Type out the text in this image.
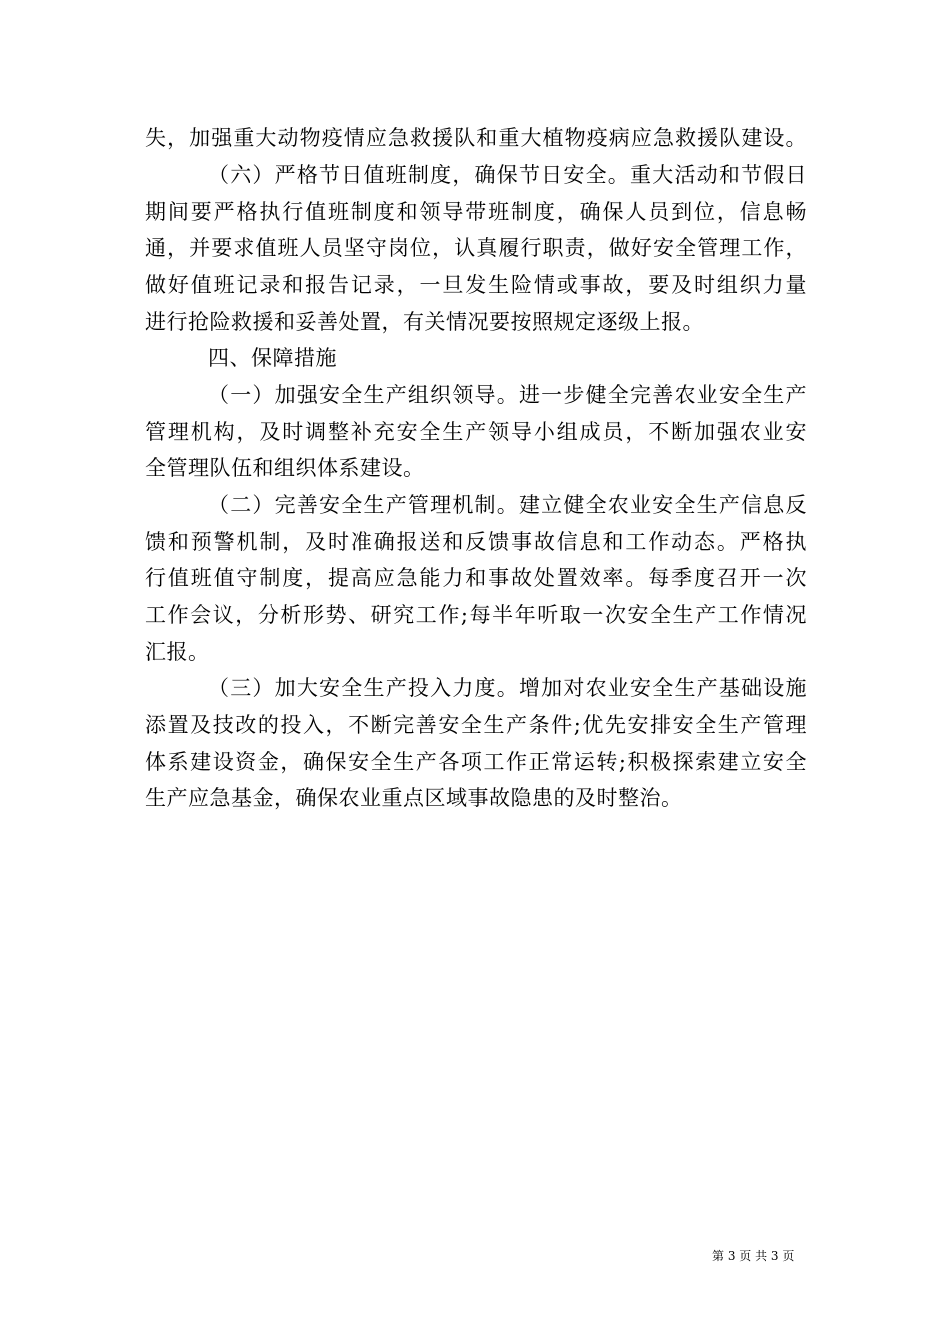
失，加强重大动物疫情应急救援队和重大植物疫病应急救援队建设。
（六）严格节日值班制度，确保节日安全。重大活动和节假日
期间要严格执行值班制度和领导带班制度，确保人员到位，信息畅
通，并要求值班人员坚守岗位，认真履行职责，做好安全管理工作，
做好值班记录和报告记录，一旦发生险情或事故，要及时组织力量
进行抢险救援和妥善处置，有关情况要按照规定逐级上报。
四、保障措施
（一）加强安全生产组织领导。进一步健全完善农业安全生产
管理机构，及时调整补充安全生产领导小组成员，不断加强农业安
全管理队伍和组织体系建设。
（二）完善安全生产管理机制。建立健全农业安全生产信息反
馈和预警机制，及时准确报送和反馈事故信息和工作动态。严格执
行值班值守制度，提高应急能力和事故处置效率。每季度召开一次
工作会议，分析形势、研究工作;每半年听取一次安全生产工作情况
汇报。
（三）加大安全生产投入力度。增加对农业安全生产基础设施
添置及技改的投入，不断完善安全生产条件;优先安排安全生产管理
体系建设资金，确保安全生产各项工作正常运转;积极探索建立安全
生产应急基金，确保农业重点区域事故隐患的及时整治。
第 3 页 共 3 页
